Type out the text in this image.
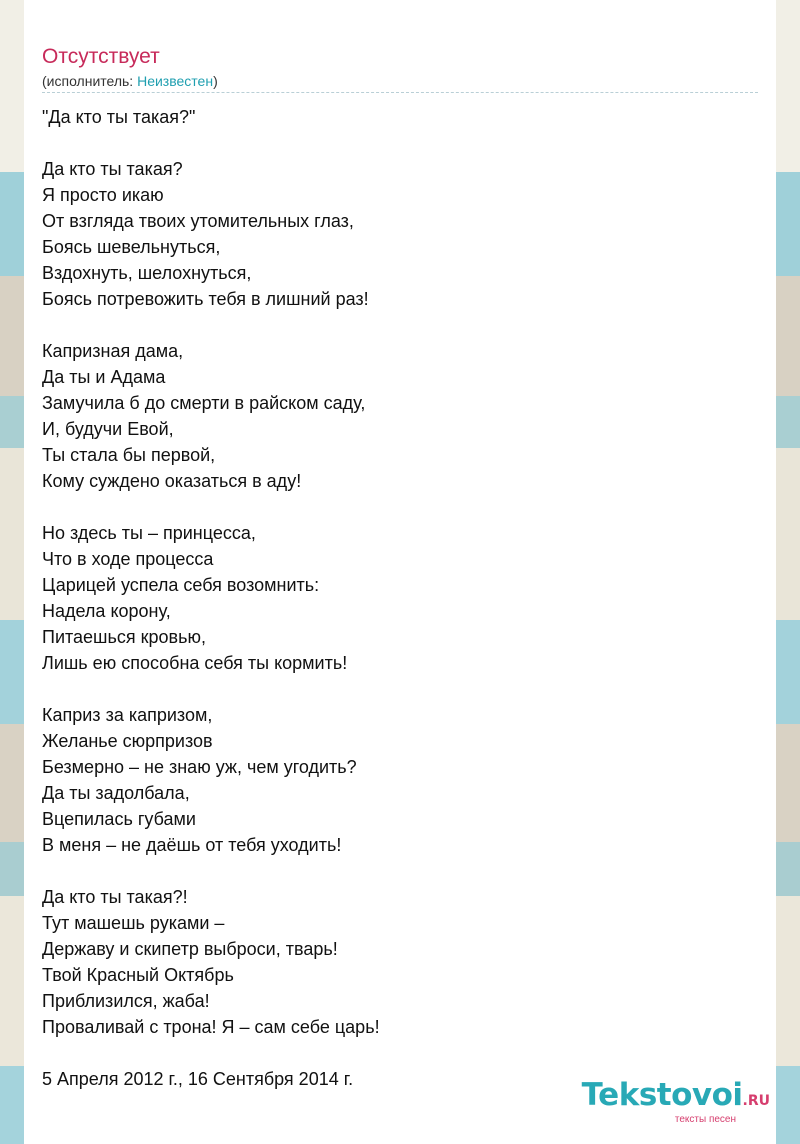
Отсутствует
(исполнитель: Неизвестен)
"Да кто ты такая?"
Да кто ты такая?
Я просто икаю
От взгляда твоих утомительных глаз,
Боясь шевельнуться,
Вздохнуть, шелохнуться,
Боясь потревожить тебя в лишний раз!
Капризная дама,
Да ты и Адама
Замучила б до смерти в райском саду,
И, будучи Евой,
Ты стала бы первой,
Кому суждено оказаться в аду!
Но здесь ты – принцесса,
Что в ходе процесса
Царицей успела себя возомнить:
Надела корону,
Питаешься кровью,
Лишь ею способна себя ты кормить!
Каприз за капризом,
Желанье сюрпризов
Безмерно – не знаю уж, чем угодить?
Да ты задолбала,
Вцепилась губами
В меня – не даёшь от тебя уходить!
Да кто ты такая?!
Тут машешь руками –
Державу и скипетр выброси, тварь!
Твой Красный Октябрь
Приблизился, жаба!
Проваливай с трона! Я – сам себе царь!
5 Апреля 2012 г., 16 Сентября 2014 г.	Tekstovoi.RU
тексты песен
